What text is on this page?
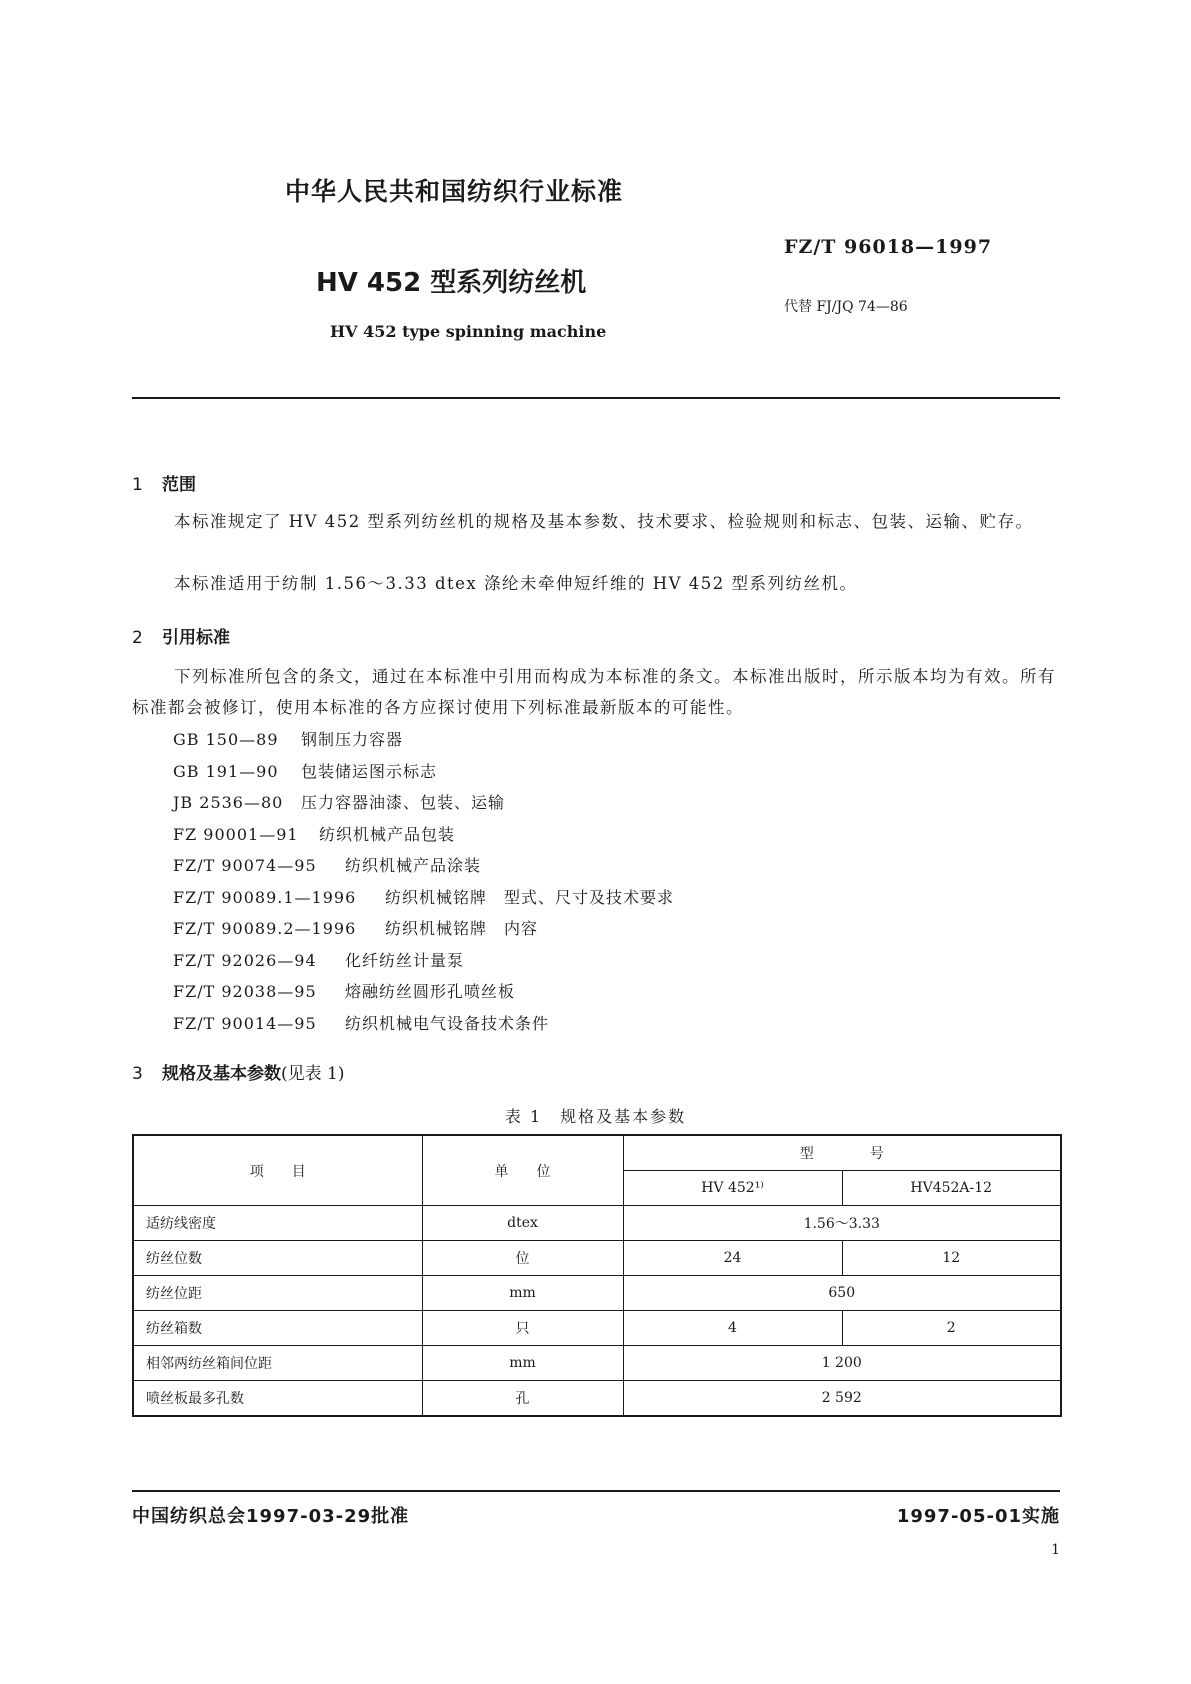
中华人民共和国纺织行业标准
FZ/T 96018—1997
HV 452 型系列纺丝机
代替 FJ/JQ 74—86
HV 452 type spinning machine
1 范围
本标准规定了 HV 452 型系列纺丝机的规格及基本参数、技术要求、检验规则和标志、包装、运输、贮存。
本标准适用于纺制 1.56～3.33 dtex 涤纶未牵伸短纤维的 HV 452 型系列纺丝机。
2 引用标准
下列标准所包含的条文，通过在本标准中引用而构成为本标准的条文。本标准出版时，所示版本均为有效。所有标准都会被修订，使用本标准的各方应探讨使用下列标准最新版本的可能性。
GB 150—89 钢制压力容器
GB 191—90 包装储运图示标志
JB 2536—80 压力容器油漆、包装、运输
FZ 90001—91 纺织机械产品包装
FZ/T 90074—95 纺织机械产品涂装
FZ/T 90089.1—1996 纺织机械铭牌　型式、尺寸及技术要求
FZ/T 90089.2—1996 纺织机械铭牌　内容
FZ/T 92026—94 化纤纺丝计量泵
FZ/T 92038—95 熔融纺丝圆形孔喷丝板
FZ/T 90014—95 纺织机械电气设备技术条件
3 规格及基本参数(见表 1)
表 1　规格及基本参数
项　　目	单　　位	型　　　　号	
		HV 452¹⁾	HV452A-12
适纺线密度	dtex	1.56～3.33	
纺丝位数	位	24	12
纺丝位距	mm	650	
纺丝箱数	只	4	2
相邻两纺丝箱间位距	mm	1 200	
喷丝板最多孔数	孔	2 592	
中国纺织总会1997-03-29批准	1997-05-01实施
1
